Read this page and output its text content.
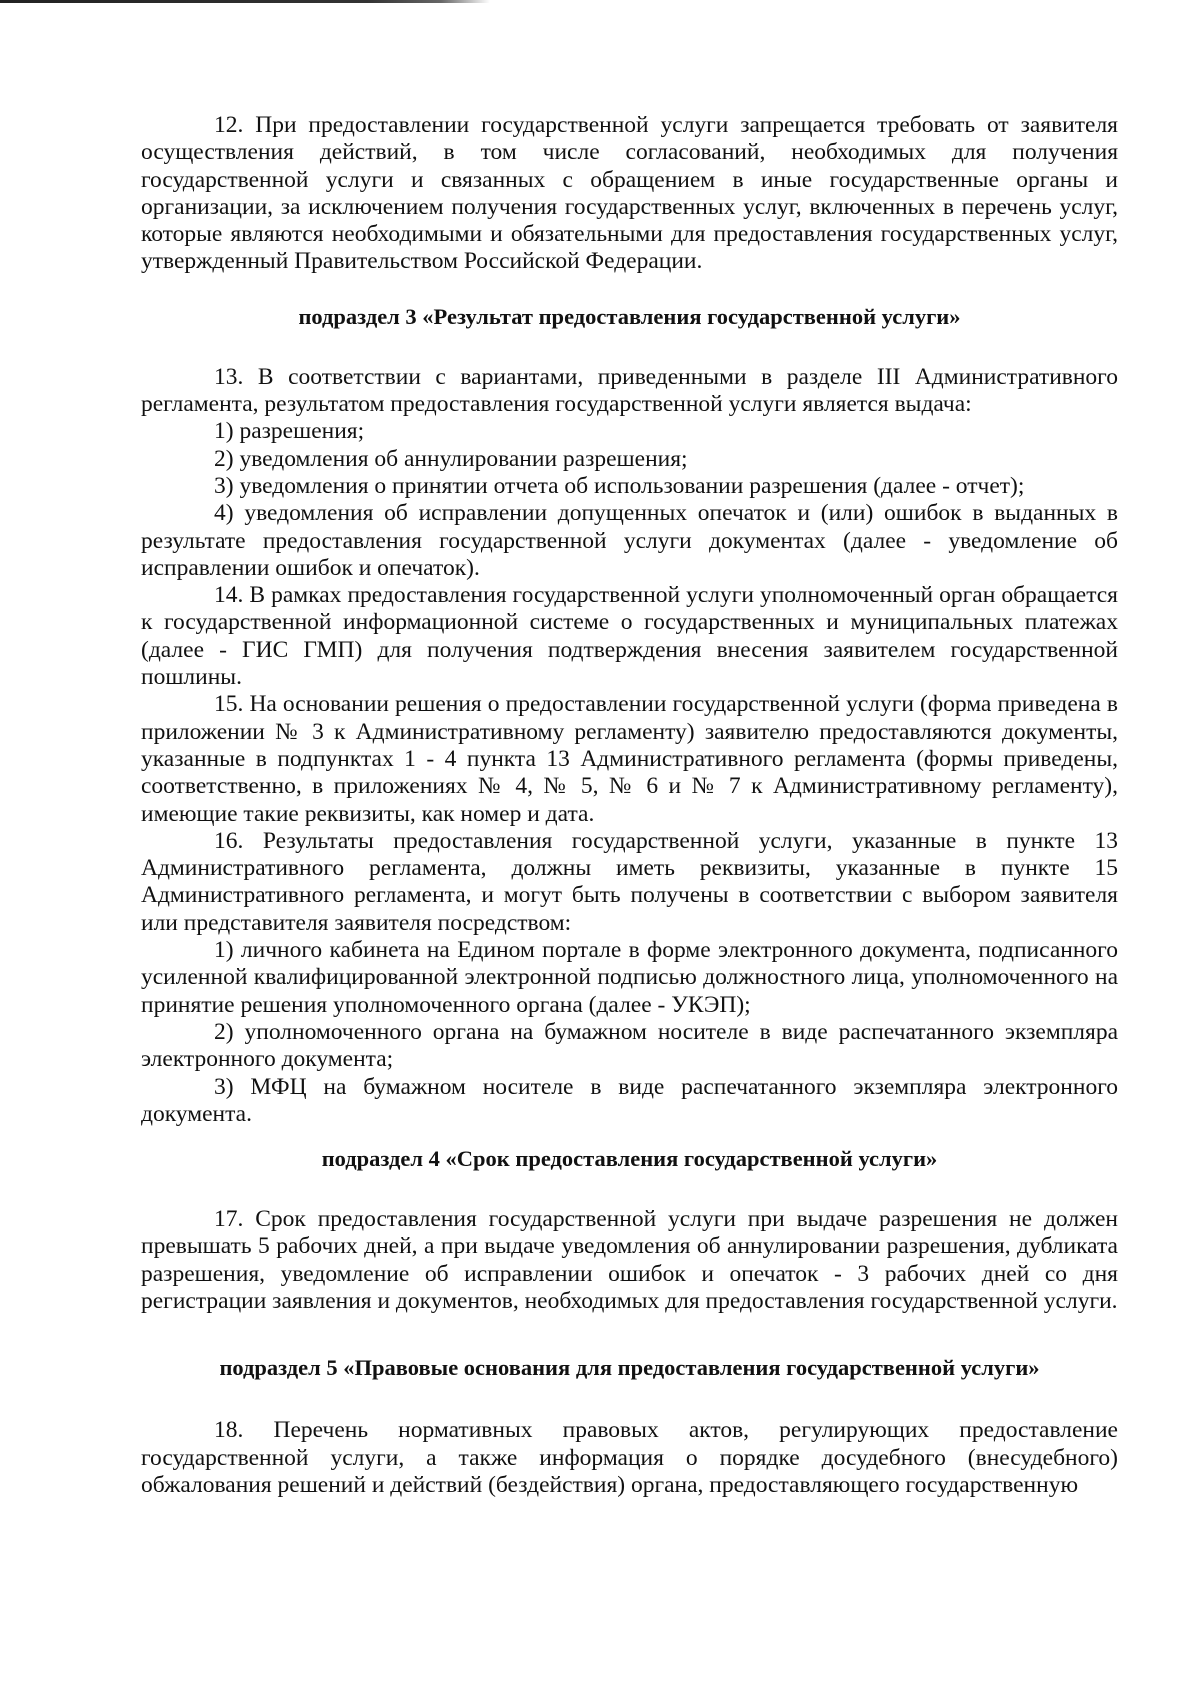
12. При предоставлении государственной услуги запрещается требовать от заявителя осуществления действий, в том числе согласований, необходимых для получения государственной услуги и связанных с обращением в иные государственные органы и организации, за исключением получения государственных услуг, включенных в перечень услуг, которые являются необходимыми и обязательными для предоставления государственных услуг, утвержденный Правительством Российской Федерации.

подраздел 3 «Результат предоставления государственной услуги»

13. В соответствии с вариантами, приведенными в разделе III Административного регламента, результатом предоставления государственной услуги является выдача:

1) разрешения;

2) уведомления об аннулировании разрешения;

3) уведомления о принятии отчета об использовании разрешения (далее - отчет);

4) уведомления об исправлении допущенных опечаток и (или) ошибок в выданных в результате предоставления государственной услуги документах (далее - уведомление об исправлении ошибок и опечаток).

14. В рамках предоставления государственной услуги уполномоченный орган обращается к государственной информационной системе о государственных и муниципальных платежах (далее - ГИС ГМП) для получения подтверждения внесения заявителем государственной пошлины.

15. На основании решения о предоставлении государственной услуги (форма приведена в приложении № 3 к Административному регламенту) заявителю предоставляются документы, указанные в подпунктах 1 - 4 пункта 13 Административного регламента (формы приведены, соответственно, в приложениях № 4, № 5, № 6 и № 7 к Административному регламенту), имеющие такие реквизиты, как номер и дата.

16. Результаты предоставления государственной услуги, указанные в пункте 13 Административного регламента, должны иметь реквизиты, указанные в пункте 15 Административного регламента, и могут быть получены в соответствии с выбором заявителя или представителя заявителя посредством:

1) личного кабинета на Едином портале в форме электронного документа, подписанного усиленной квалифицированной электронной подписью должностного лица, уполномоченного на принятие решения уполномоченного органа (далее - УКЭП);

2) уполномоченного органа на бумажном носителе в виде распечатанного экземпляра электронного документа;

3) МФЦ на бумажном носителе в виде распечатанного экземпляра электронного документа.

подраздел 4 «Срок предоставления государственной услуги»

17. Срок предоставления государственной услуги при выдаче разрешения не должен превышать 5 рабочих дней, а при выдаче уведомления об аннулировании разрешения, дубликата разрешения, уведомление об исправлении ошибок и опечаток - 3 рабочих дней со дня регистрации заявления и документов, необходимых для предоставления государственной услуги.

подраздел 5 «Правовые основания для предоставления государственной услуги»

18. Перечень нормативных правовых актов, регулирующих предоставление государственной услуги, а также информация о порядке досудебного (внесудебного) обжалования решений и действий (бездействия) органа, предоставляющего государственную
